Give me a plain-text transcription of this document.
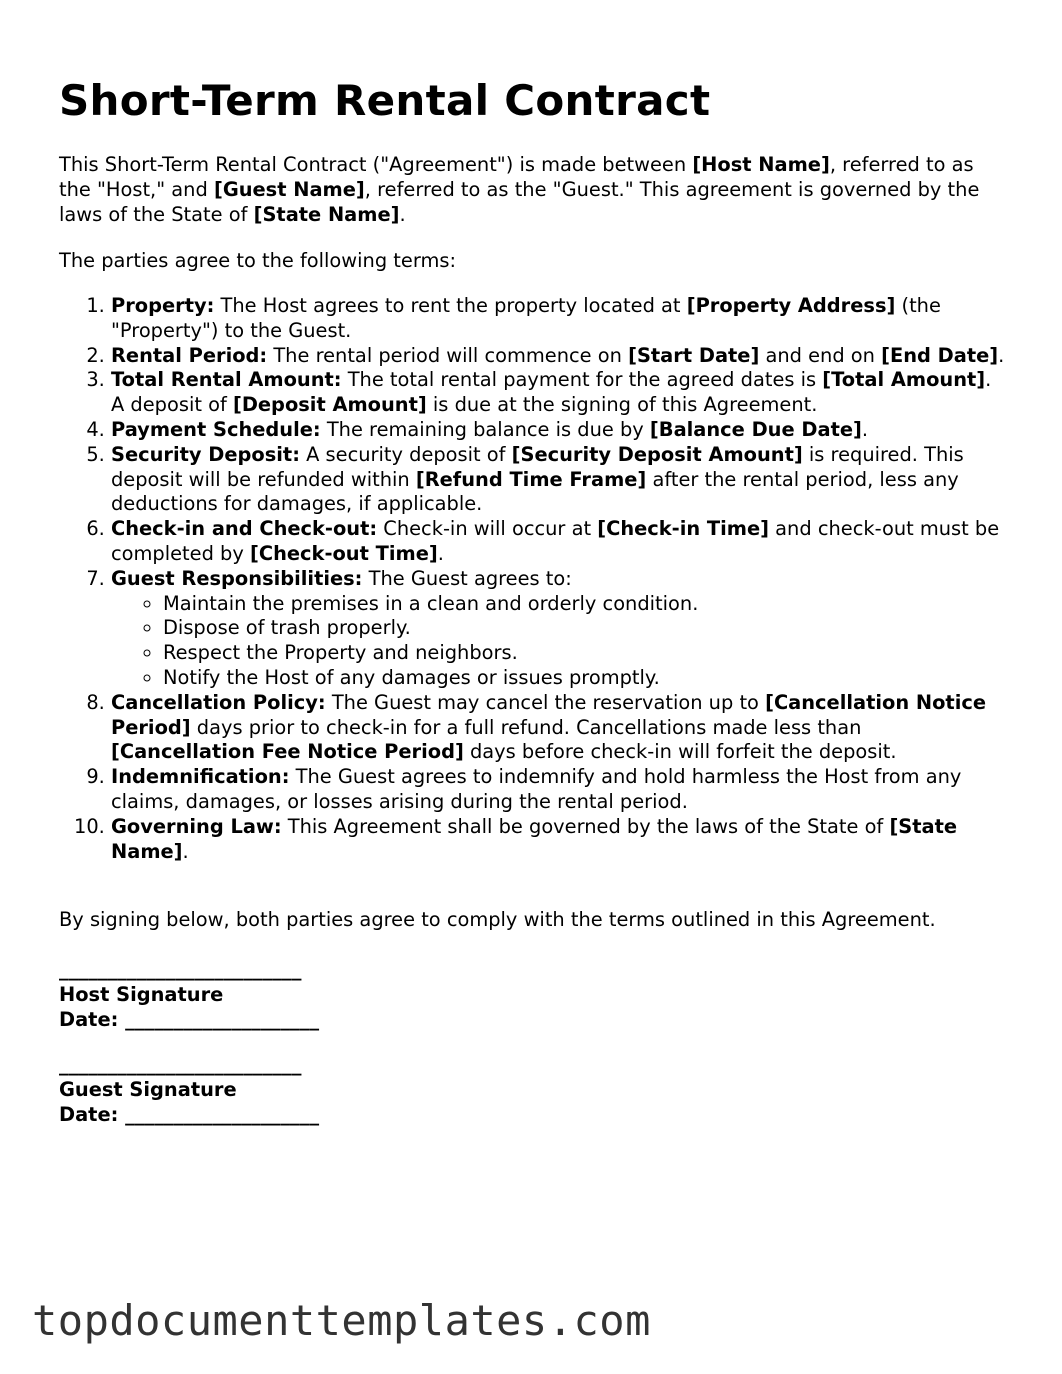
Short-Term Rental Contract

This Short-Term Rental Contract ("Agreement") is made between [Host Name], referred to as the "Host," and [Guest Name], referred to as the "Guest." This agreement is governed by the laws of the State of [State Name].

The parties agree to the following terms:

1. Property: The Host agrees to rent the property located at [Property Address] (the "Property") to the Guest.
2. Rental Period: The rental period will commence on [Start Date] and end on [End Date].
3. Total Rental Amount: The total rental payment for the agreed dates is [Total Amount]. A deposit of [Deposit Amount] is due at the signing of this Agreement.
4. Payment Schedule: The remaining balance is due by [Balance Due Date].
5. Security Deposit: A security deposit of [Security Deposit Amount] is required. This deposit will be refunded within [Refund Time Frame] after the rental period, less any deductions for damages, if applicable.
6. Check-in and Check-out: Check-in will occur at [Check-in Time] and check-out must be completed by [Check-out Time].
7. Guest Responsibilities: The Guest agrees to:
◦ Maintain the premises in a clean and orderly condition.
◦ Dispose of trash properly.
◦ Respect the Property and neighbors.
◦ Notify the Host of any damages or issues promptly.
8. Cancellation Policy: The Guest may cancel the reservation up to [Cancellation Notice Period] days prior to check-in for a full refund. Cancellations made less than [Cancellation Fee Notice Period] days before check-in will forfeit the deposit.
9. Indemnification: The Guest agrees to indemnify and hold harmless the Host from any claims, damages, or losses arising during the rental period.
10. Governing Law: This Agreement shall be governed by the laws of the State of [State Name].

By signing below, both parties agree to comply with the terms outlined in this Agreement.

_________________________
Host Signature
Date: ____________________
_________________________
Guest Signature
Date: ____________________
topdocumenttemplates.com
